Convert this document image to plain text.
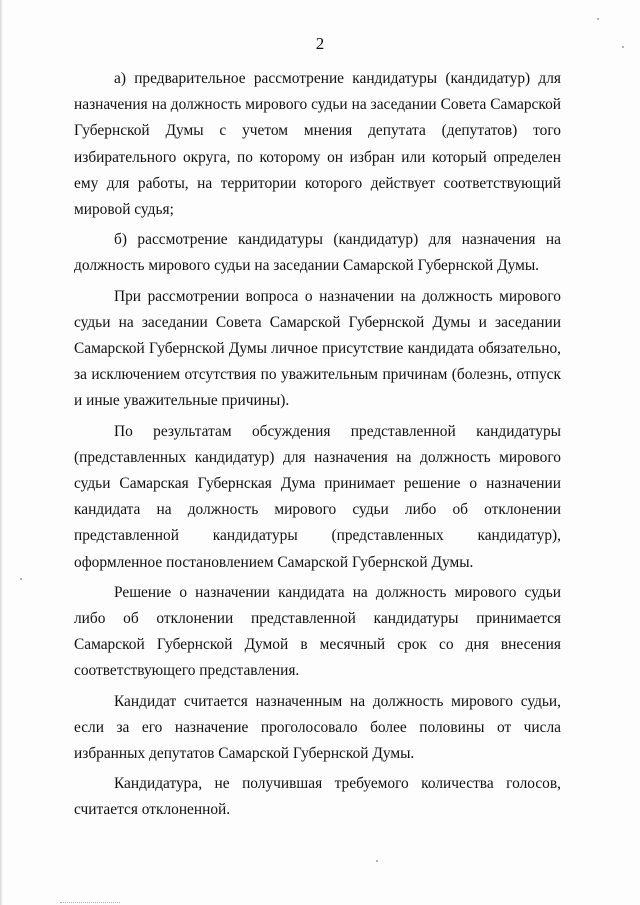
2

а) предварительное рассмотрение кандидатуры (кандидатур) для назначения на должность мирового судьи на заседании Совета Самарской Губернской Думы с учетом мнения депутата (депутатов) того избирательного округа, по которому он избран или который определен ему для работы, на территории которого действует соответствующий мировой судья;

б) рассмотрение кандидатуры (кандидатур) для назначения на должность мирового судьи на заседании Самарской Губернской Думы.

При рассмотрении вопроса о назначении на должность мирового судьи на заседании Совета Самарской Губернской Думы и заседании Самарской Губернской Думы личное присутствие кандидата обязательно, за исключением отсутствия по уважительным причинам (болезнь, отпуск и иные уважительные причины).

По результатам обсуждения представленной кандидатуры (представленных кандидатур) для назначения на должность мирового судьи Самарская Губернская Дума принимает решение о назначении кандидата на должность мирового судьи либо об отклонении представленной кандидатуры (представленных кандидатур), оформленное постановлением Самарской Губернской Думы.

Решение о назначении кандидата на должность мирового судьи либо об отклонении представленной кандидатуры принимается Самарской Губернской Думой в месячный срок со дня внесения соответствующего представления.

Кандидат считается назначенным на должность мирового судьи, если за его назначение проголосовало более половины от числа избранных депутатов Самарской Губернской Думы.

Кандидатура, не получившая требуемого количества голосов, считается отклоненной.
